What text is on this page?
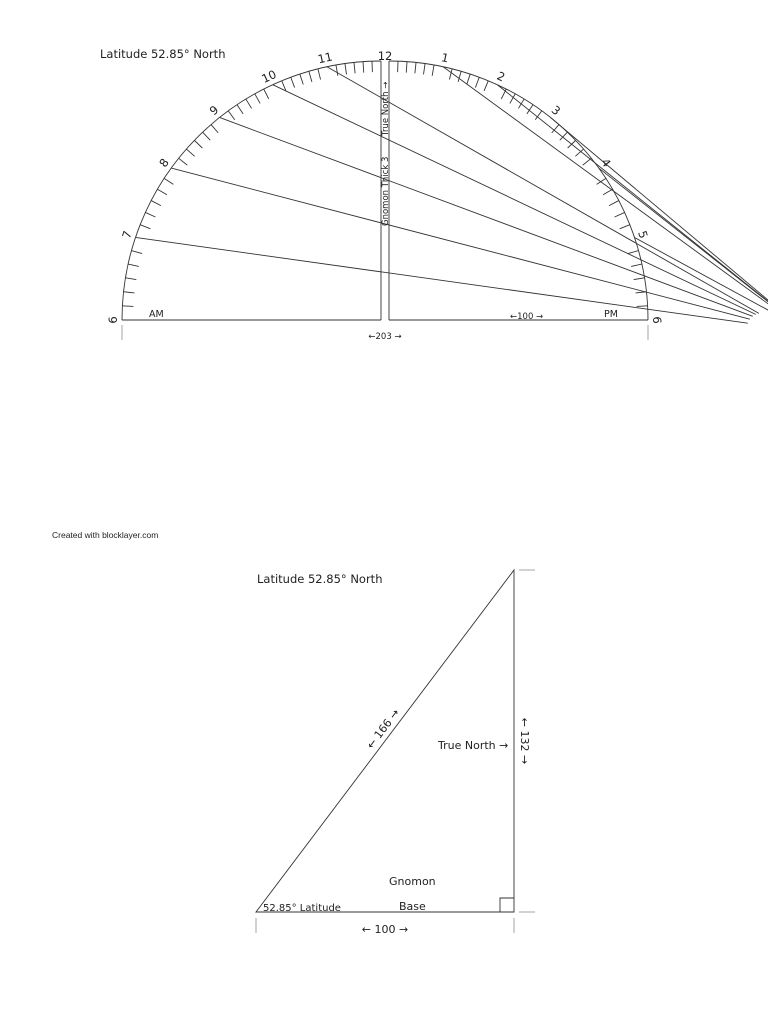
Latitude 52.85° North
6
7
8
9
10
11	12	1
2
3
4
5
6
Gnomon Thick 3
True North →
AM	PM
←100 →
←203 →
Created with blocklayer.com
Latitude 52.85° North
← 132 →
← 166 →	True North →
Gnomon
Base
52.85° Latitude
← 100 →
